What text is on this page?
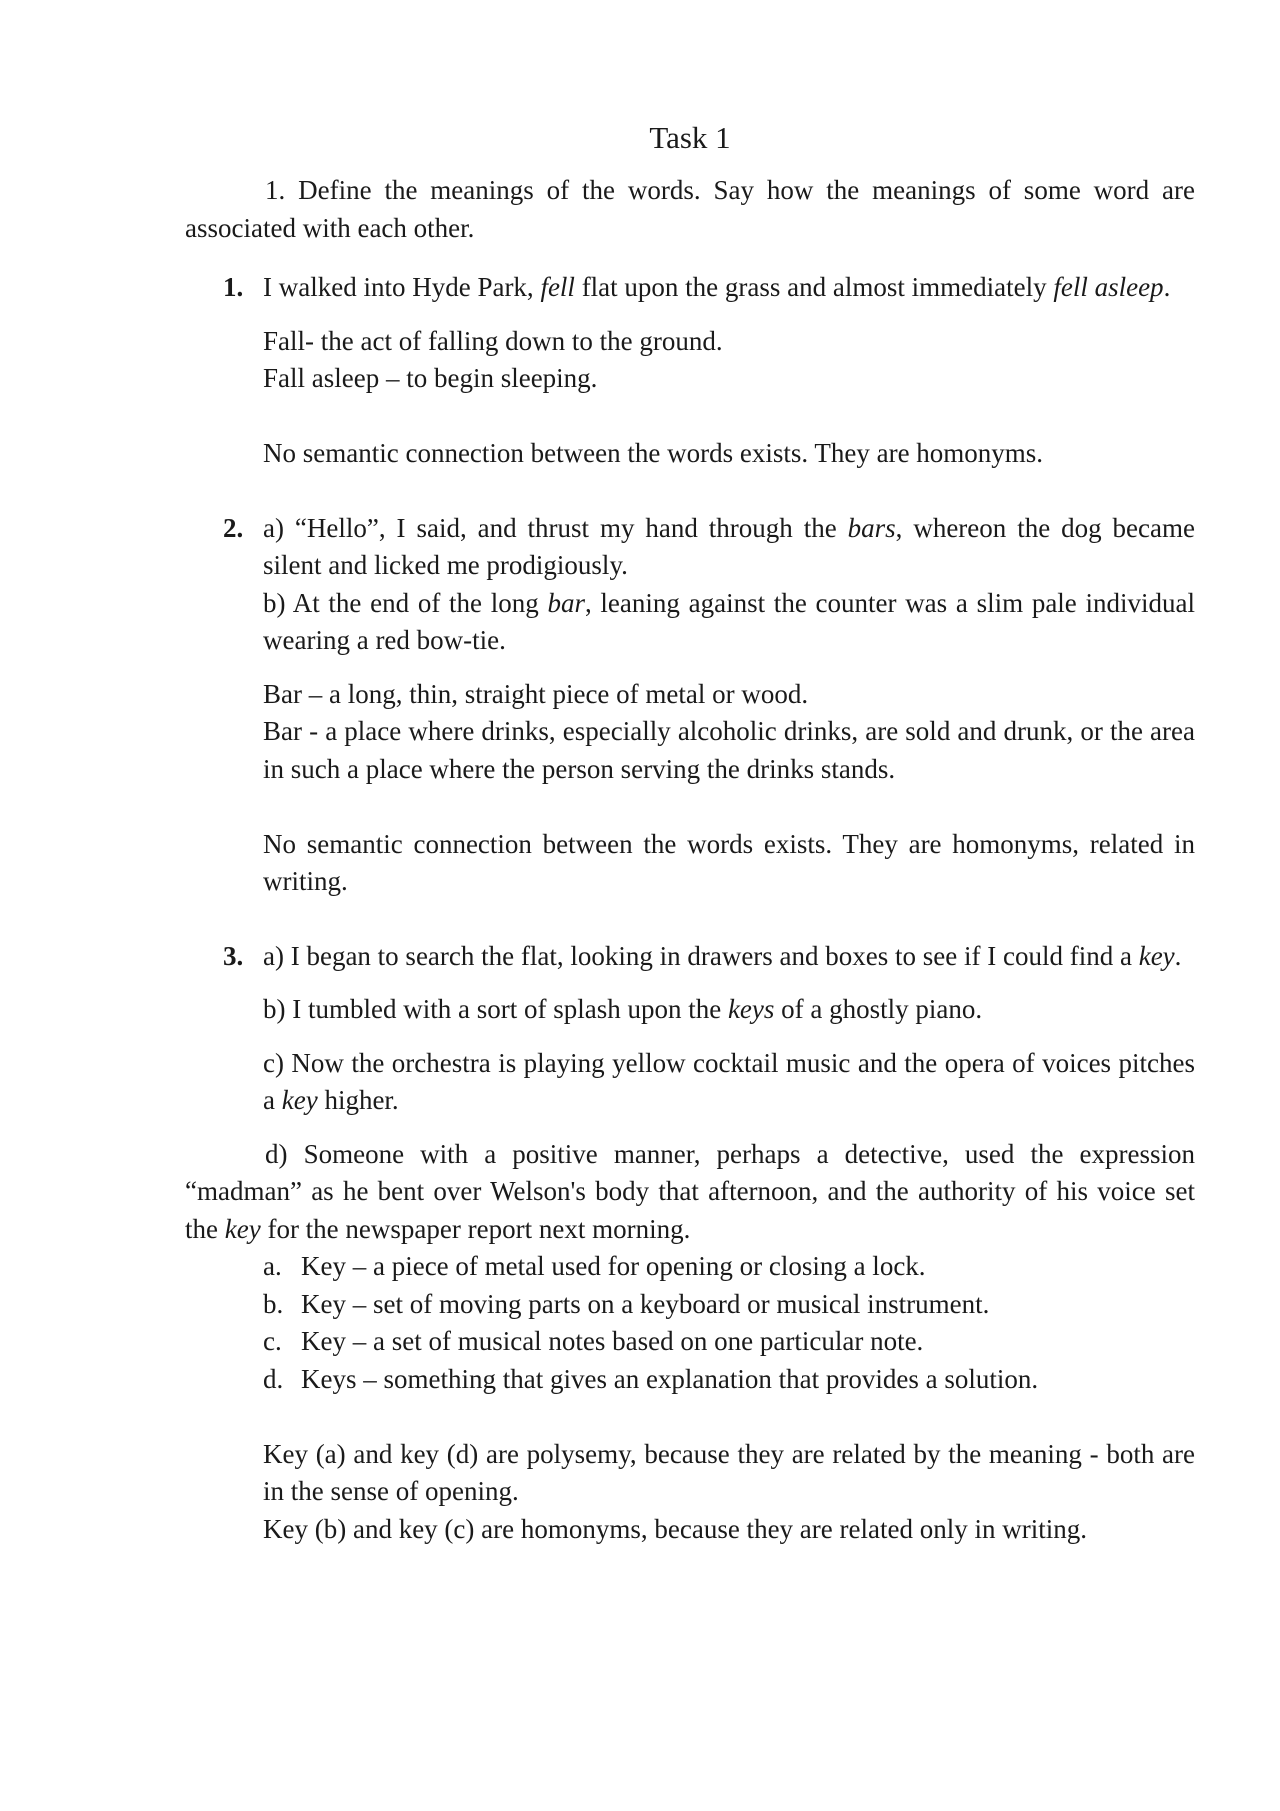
Task 1

1. Define the meanings of the words. Say how the meanings of some word are associated with each other.

1. I walked into Hyde Park, fell flat upon the grass and almost immediately fell asleep.

Fall- the act of falling down to the ground.

Fall asleep – to begin sleeping.

No semantic connection between the words exists. They are homonyms.

2. a) “Hello”, I said, and thrust my hand through the bars, whereon the dog became silent and licked me prodigiously.

b) At the end of the long bar, leaning against the counter was a slim pale individual wearing a red bow-tie.

Bar – a long, thin, straight piece of metal or wood.

Bar - a place where drinks, especially alcoholic drinks, are sold and drunk, or the area in such a place where the person serving the drinks stands.

No semantic connection between the words exists. They are homonyms, related in writing.

3. a) I began to search the flat, looking in drawers and boxes to see if I could find a key.

b) I tumbled with a sort of splash upon the keys of a ghostly piano.

c) Now the orchestra is playing yellow cocktail music and the opera of voices pitches a key higher.

d) Someone with a positive manner, perhaps a detective, used the expression “madman” as he bent over Welson's body that afternoon, and the authority of his voice set the key for the newspaper report next morning.

a. Key – a piece of metal used for opening or closing a lock.
b. Key – set of moving parts on a keyboard or musical instrument.
c. Key – a set of musical notes based on one particular note.
d. Keys – something that gives an explanation that provides a solution.

Key (a) and key (d) are polysemy, because they are related by the meaning - both are in the sense of opening.

Key (b) and key (c) are homonyms, because they are related only in writing.
